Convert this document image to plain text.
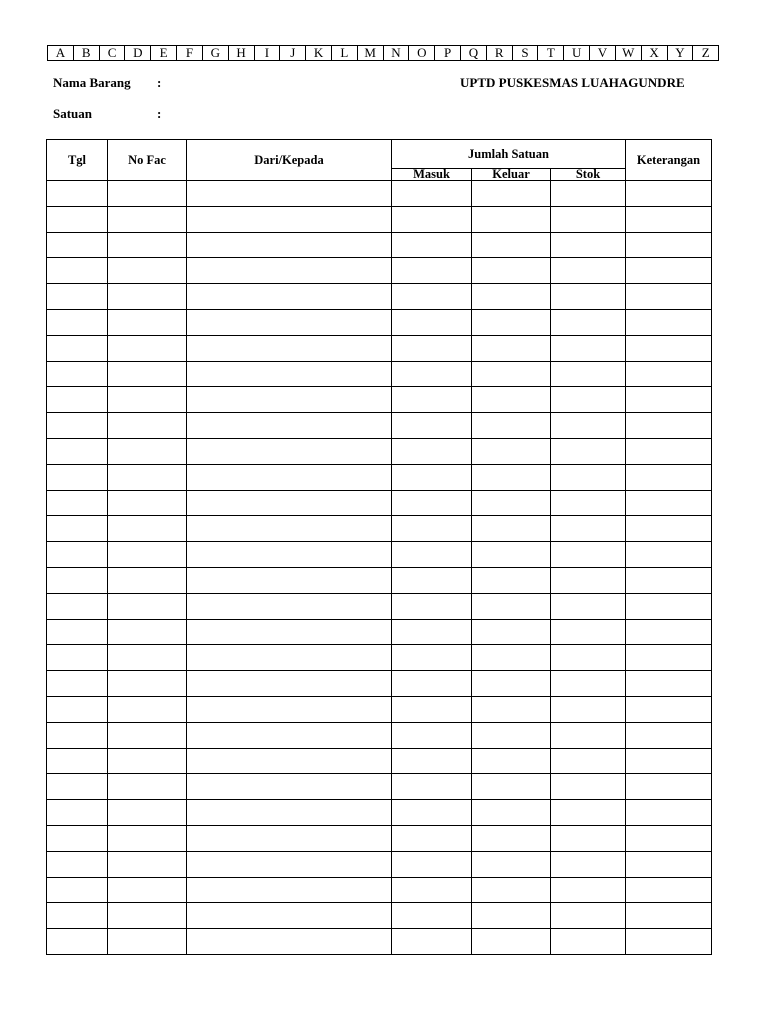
A	B	C	D	E	F	G	H	I	J	K	L	M	N	O	P	Q	R	S	T	U	V	W	X	Y	Z
Nama Barang :	UPTD PUSKESMAS LUAHAGUNDRE
Satuan	:
Tgl	No Fac	Dari/Kepada	Jumlah Satuan			Keterangan
			Masuk	Keluar	Stok	
